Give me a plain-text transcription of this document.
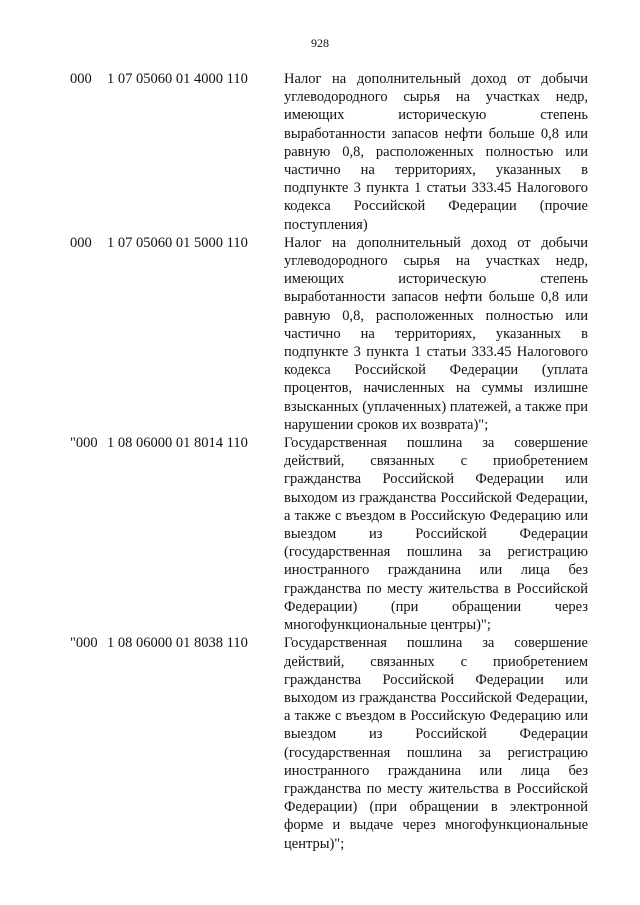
928
000 1 07 05060 01 4000 110 Налог на дополнительный доход от добычи углеводородного сырья на участках недр, имеющих историческую степень выработанности запасов нефти больше 0,8 или равную 0,8, расположенных полностью или частично на территориях, указанных в подпункте 3 пункта 1 статьи 333.45 Налогового кодекса Российской Федерации (прочие поступления)
000 1 07 05060 01 5000 110 Налог на дополнительный доход от добычи углеводородного сырья на участках недр, имеющих историческую степень выработанности запасов нефти больше 0,8 или равную 0,8, расположенных полностью или частично на территориях, указанных в подпункте 3 пункта 1 статьи 333.45 Налогового кодекса Российской Федерации (уплата процентов, начисленных на суммы излишне взысканных (уплаченных) платежей, а также при нарушении сроков их возврата)";
"000 1 08 06000 01 8014 110 Государственная пошлина за совершение действий, связанных с приобретением гражданства Российской Федерации или выходом из гражданства Российской Федерации, а также с въездом в Российскую Федерацию или выездом из Российской Федерации (государственная пошлина за регистрацию иностранного гражданина или лица без гражданства по месту жительства в Российской Федерации) (при обращении через многофункциональные центры)";
"000 1 08 06000 01 8038 110 Государственная пошлина за совершение действий, связанных с приобретением гражданства Российской Федерации или выходом из гражданства Российской Федерации, а также с въездом в Российскую Федерацию или выездом из Российской Федерации (государственная пошлина за регистрацию иностранного гражданина или лица без гражданства по месту жительства в Российской Федерации) (при обращении в электронной форме и выдаче через многофункциональные центры)";
